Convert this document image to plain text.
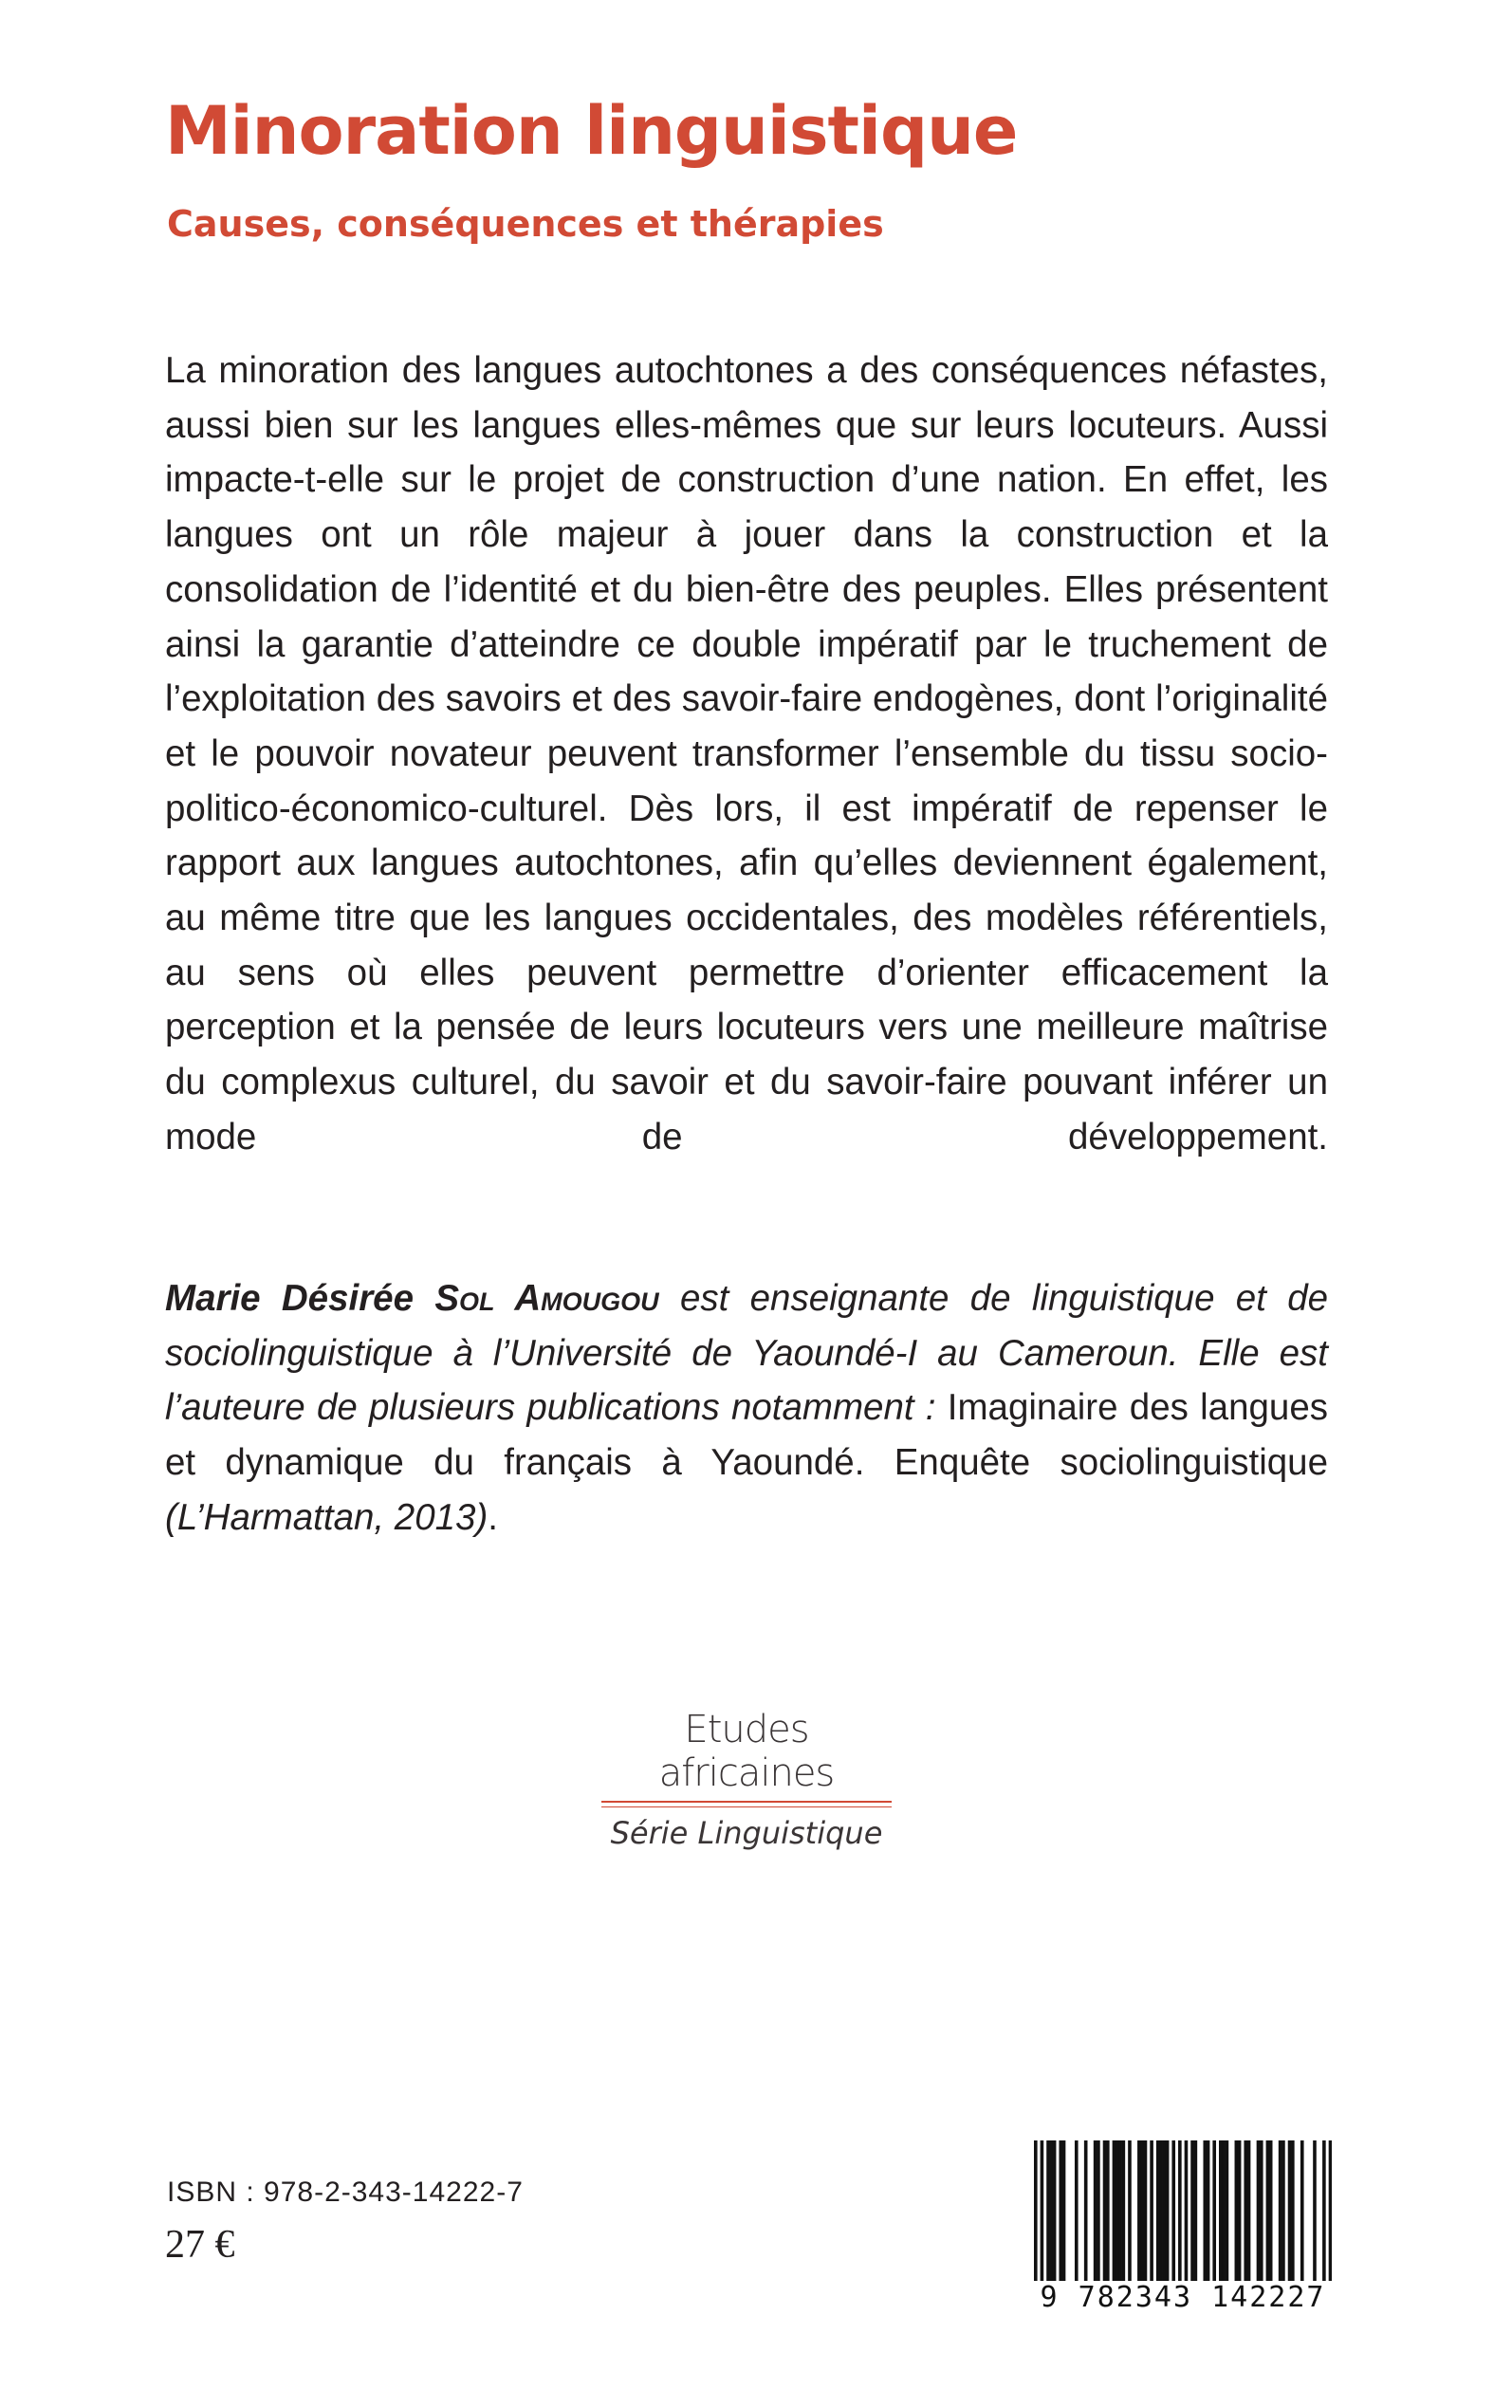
Minoration linguistique
Causes, conséquences et thérapies

La minoration des langues autochtones a des conséquences néfastes, aussi bien sur les langues elles-mêmes que sur leurs locuteurs. Aussi impacte-t-elle sur le projet de construction d’une nation. En effet, les langues ont un rôle majeur à jouer dans la construction et la consolidation de l’identité et du bien-être des peuples. Elles présentent ainsi la garantie d’atteindre ce double impératif par le truchement de l’exploitation des savoirs et des savoir-faire endogènes, dont l’originalité et le pouvoir novateur peuvent transformer l’ensemble du tissu socio-politico-économico-culturel. Dès lors, il est impératif de repenser le rapport aux langues autochtones, afin qu’elles deviennent également, au même titre que les langues occidentales, des modèles référentiels, au sens où elles peuvent permettre d’orienter efficacement la perception et la pensée de leurs locuteurs vers une meilleure maîtrise du complexus culturel, du savoir et du savoir-faire pouvant inférer un mode de développement.

Marie Désirée Sol Amougou est enseignante de linguistique et de sociolinguistique à l’Université de Yaoundé-I au Cameroun. Elle est l’auteure de plusieurs publications notamment : Imaginaire des langues et dynamique du français à Yaoundé. Enquête sociolinguistique (L’Harmattan, 2013).

Etudes africaines
Série Linguistique
ISBN : 978-2-343-14222-7
27 €
9 782343 142227
